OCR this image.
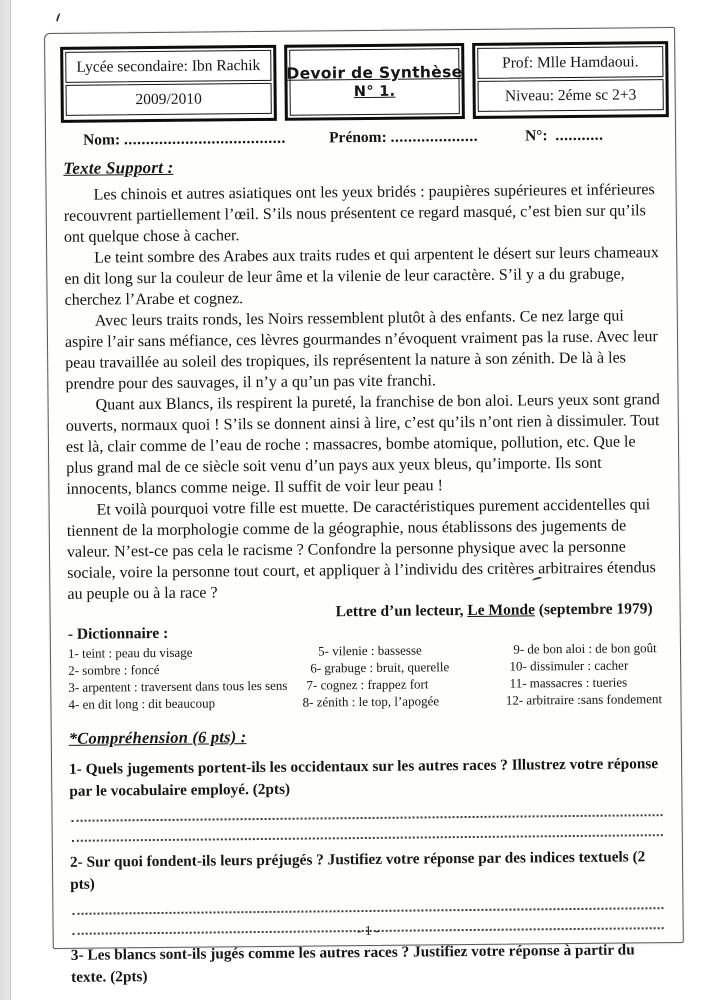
Lycée secondaire: Ibn Rachik
2009/2010
Devoir de Synthèse
N° 1.
Prof: Mlle Hamdaoui.
Niveau: 2éme sc 2+3
Nom: .....................................	Prénom: ....................	N°: ...........
Texte Support :

Les chinois et autres asiatiques ont les yeux bridés : paupières supérieures et inférieures recouvrent partiellement l’œil. S’ils nous présentent ce regard masqué, c’est bien sur qu’ils ont quelque chose à cacher.

Le teint sombre des Arabes aux traits rudes et qui arpentent le désert sur leurs chameaux en dit long sur la couleur de leur âme et la vilenie de leur caractère. S’il y a du grabuge, cherchez l’Arabe et cognez.

Avec leurs traits ronds, les Noirs ressemblent plutôt à des enfants. Ce nez large qui aspire l’air sans méfiance, ces lèvres gourmandes n’évoquent vraiment pas la ruse. Avec leur peau travaillée au soleil des tropiques, ils représentent la nature à son zénith. De là à les prendre pour des sauvages, il n’y a qu’un pas vite franchi.

Quant aux Blancs, ils respirent la pureté, la franchise de bon aloi. Leurs yeux sont grand ouverts, normaux quoi ! S’ils se donnent ainsi à lire, c’est qu’ils n’ont rien à dissimuler. Tout est là, clair comme de l’eau de roche : massacres, bombe atomique, pollution, etc. Que le plus grand mal de ce siècle soit venu d’un pays aux yeux bleus, qu’importe. Ils sont innocents, blancs comme neige. Il suffit de voir leur peau !

Et voilà pourquoi votre fille est muette. De caractéristiques purement accidentelles qui tiennent de la morphologie comme de la géographie, nous établissons des jugements de valeur. N’est-ce pas cela le racisme ? Confondre la personne physique avec la personne sociale, voire la personne tout court, et appliquer à l’individu des critères arbitraires étendus au peuple ou à la race ?

Lettre d’un lecteur, Le Monde (septembre 1979)
- Dictionnaire :
1- teint : peau du visage
2- sombre : foncé
3- arpentent : traversent dans tous les sens
4- en dit long : dit beaucoup
5- vilenie : bassesse
6- grabuge : bruit, querelle
7- cognez : frappez fort
8- zénith : le top, l’apogée
9- de bon aloi : de bon goût
10- dissimuler : cacher
11- massacres : tueries
12- arbitraire :sans fondement
*Compréhension (6 pts) :

1- Quels jugements portent-ils les occidentaux sur les autres races ? Illustrez votre réponse par le vocabulaire employé. (2pts)

2- Sur quoi fondent-ils leurs préjugés ? Justifiez votre réponse par des indices textuels (2 pts)

3- Les blancs sont-ils jugés comme les autres races ? Justifiez votre réponse à partir du texte. (2pts)

- 1 -
